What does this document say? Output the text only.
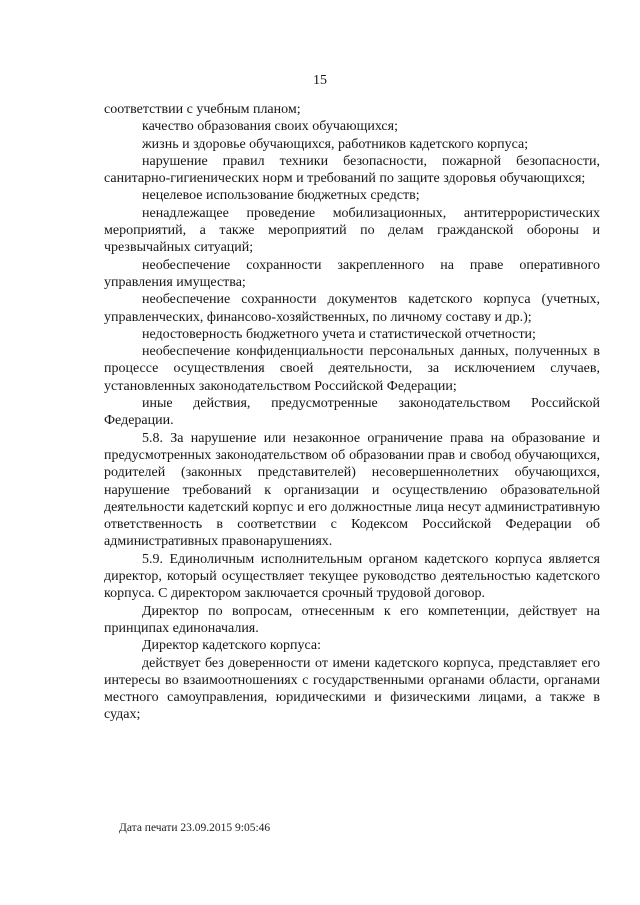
15

соответствии с учебным планом;

качество образования своих обучающихся;

жизнь и здоровье обучающихся, работников кадетского корпуса;

нарушение правил техники безопасности, пожарной безопасности, санитарно-гигиенических норм и требований по защите здоровья обучающихся;

нецелевое использование бюджетных средств;

ненадлежащее проведение мобилизационных, антитеррористических мероприятий, а также мероприятий по делам гражданской обороны и чрезвычайных ситуаций;

необеспечение сохранности закрепленного на праве оперативного управления имущества;

необеспечение сохранности документов кадетского корпуса (учетных, управленческих, финансово-хозяйственных, по личному составу и др.);

недостоверность бюджетного учета и статистической отчетности;

необеспечение конфиденциальности персональных данных, полученных в процессе осуществления своей деятельности, за исключением случаев, установленных законодательством Российской Федерации;

иные действия, предусмотренные законодательством Российской Федерации.

5.8. За нарушение или незаконное ограничение права на образование и предусмотренных законодательством об образовании прав и свобод обучающихся, родителей (законных представителей) несовершеннолетних обучающихся, нарушение требований к организации и осуществлению образовательной деятельности кадетский корпус и его должностные лица несут административную ответственность в соответствии с Кодексом Российской Федерации об административных правонарушениях.

5.9. Единоличным исполнительным органом кадетского корпуса является директор, который осуществляет текущее руководство деятельностью кадетского корпуса. С директором заключается срочный трудовой договор.

Директор по вопросам, отнесенным к его компетенции, действует на принципах единоначалия.

Директор кадетского корпуса:

действует без доверенности от имени кадетского корпуса, представляет его интересы во взаимоотношениях с государственными органами области, органами местного самоуправления, юридическими и физическими лицами, а также в судах;

Дата печати 23.09.2015 9:05:46
